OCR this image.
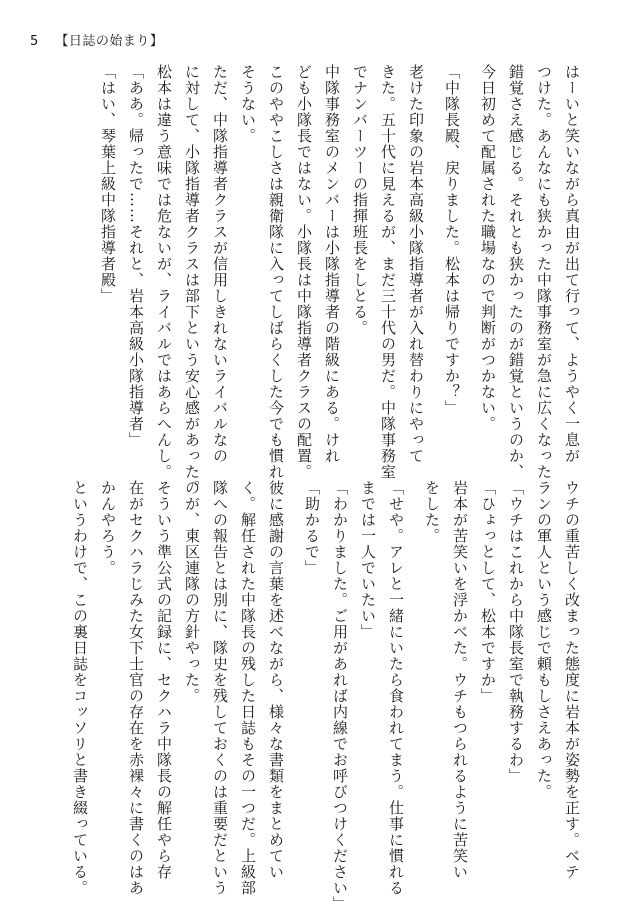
5 【日誌の始まり】
はーいと笑いながら真由が出て行って、ようやく一息が
つけた。あんなにも狭かった中隊事務室が急に広くなった
錯覚さえ感じる。それとも狭かったのが錯覚というのか、
今日初めて配属された職場なので判断がつかない。
「中隊長殿、戻りました。松本は帰りですか？」
老けた印象の岩本高級小隊指導者が入れ替わりにやって
きた。五十代に見えるが、まだ三十代の男だ。中隊事務室
でナンバーツーの指揮班長をしとる。
中隊事務室のメンバーは小隊指導者の階級にある。けれ
ども小隊長ではない。小隊長は中隊指導者クラスの配置。
このややこしさは親衛隊に入ってしばらくした今でも慣れ
そうない。
ただ、中隊指導者クラスが信用しきれないライバルなの
に対して、小隊指導者クラスは部下という安心感があった。
松本は違う意味では危ないが、ライバルではあらへんし。
「ああ。帰ったで……それと、岩本高級小隊指導者」
「はい、琴葉上級中隊指導者殿」
ウチの重苦しく改まった態度に岩本が姿勢を正す。ベテ
ランの軍人という感じで頼もしさえあった。
「ウチはこれから中隊長室で執務するわ」
「ひょっとして、松本ですか」
岩本が苦笑いを浮かべた。ウチもつられるように苦笑い
をした。
「せや。アレと一緒にいたら食われてまう。仕事に慣れる
までは一人でいたい」
「わかりました。ご用があれば内線でお呼びつけください」
「助かるで」
彼に感謝の言葉を述べながら、様々な書類をまとめてい
く。解任された中隊長の残した日誌もその一つだ。上級部
隊への報告とは別に、隊史を残しておくのは重要だという
のが、東区連隊の方針やった。
そういう準公式の記録に、セクハラ中隊長の解任やら存
在がセクハラじみた女下士官の存在を赤裸々に書くのはあ
かんやろう。
というわけで、この裏日誌をコッソリと書き綴っている。
